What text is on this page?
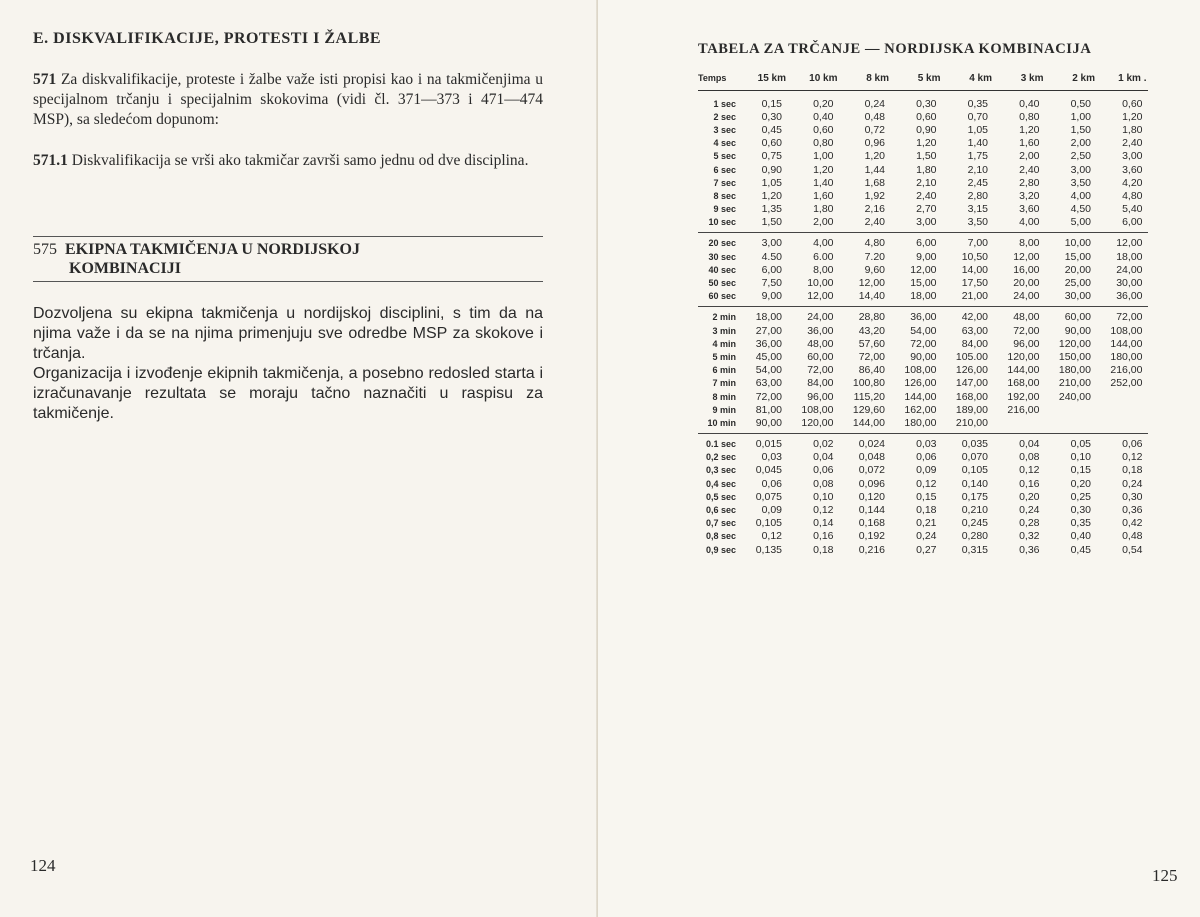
E. DISKVALIFIKACIJE, PROTESTI I ŽALBE
571 Za diskvalifikacije, proteste i žalbe važe isti propisi kao i na takmičenjima u specijalnom trčanju i specijalnim skokovima (vidi čl. 371—373 i 471—474 MSP), sa sledećom dopunom:
571.1 Diskvalifikacija se vrši ako takmičar završi samo jednu od dve disciplina.
575 EKIPNA TAKMIČENJA U NORDIJSKOJ
KOMBINACIJI
Dozvoljena su ekipna takmičenja u nordijskoj disciplini, s tim da na njima važe i da se na njima primenjuju sve odredbe MSP za skokove i trčanja.
Organizacija i izvođenje ekipnih takmičenja, a posebno redosled starta i izračunavanje rezultata se moraju tačno naznačiti u raspisu za takmičenje.
124
TABELA ZA TRČANJE — NORDIJSKA KOMBINACIJA
Temps	15 km	10 km	8 km	5 km	4 km	3 km	2 km	1 km .
1 sec	0,15	0,20	0,24	0,30	0,35	0,40	0,50	0,60
2 sec	0,30	0,40	0,48	0,60	0,70	0,80	1,00	1,20
3 sec	0,45	0,60	0,72	0,90	1,05	1,20	1,50	1,80
4 sec	0,60	0,80	0,96	1,20	1,40	1,60	2,00	2,40
5 sec	0,75	1,00	1,20	1,50	1,75	2,00	2,50	3,00
6 sec	0,90	1,20	1,44	1,80	2,10	2,40	3,00	3,60
7 sec	1,05	1,40	1,68	2,10	2,45	2,80	3,50	4,20
8 sec	1,20	1,60	1,92	2,40	2,80	3,20	4,00	4,80
9 sec	1,35	1,80	2,16	2,70	3,15	3,60	4,50	5,40
10 sec	1,50	2,00	2,40	3,00	3,50	4,00	5,00	6,00
20 sec	3,00	4,00	4,80	6,00	7,00	8,00	10,00	12,00
30 sec	4.50	6.00	7.20	9,00	10,50	12,00	15,00	18,00
40 sec	6,00	8,00	9,60	12,00	14,00	16,00	20,00	24,00
50 sec	7,50	10,00	12,00	15,00	17,50	20,00	25,00	30,00
60 sec	9,00	12,00	14,40	18,00	21,00	24,00	30,00	36,00
2 min	18,00	24,00	28,80	36,00	42,00	48,00	60,00	72,00
3 min	27,00	36,00	43,20	54,00	63,00	72,00	90,00	108,00
4 min	36,00	48,00	57,60	72,00	84,00	96,00	120,00	144,00
5 min	45,00	60,00	72,00	90,00	105.00	120,00	150,00	180,00
6 min	54,00	72,00	86,40	108,00	126,00	144,00	180,00	216,00
7 min	63,00	84,00	100,80	126,00	147,00	168,00	210,00	252,00
8 min	72,00	96,00	115,20	144,00	168,00	192,00	240,00
9 min	81,00	108,00	129,60	162,00	189,00	216,00
10 min	90,00	120,00	144,00	180,00	210,00
0.1 sec	0,015	0,02	0,024	0,03	0,035	0,04	0,05	0,06
0,2 sec	0,03	0,04	0,048	0,06	0,070	0,08	0,10	0,12
0,3 sec	0,045	0,06	0,072	0,09	0,105	0,12	0,15	0,18
0,4 sec	0,06	0,08	0,096	0,12	0,140	0,16	0,20	0,24
0,5 sec	0,075	0,10	0,120	0,15	0,175	0,20	0,25	0,30
0,6 sec	0,09	0,12	0,144	0,18	0,210	0,24	0,30	0,36
0,7 sec	0,105	0,14	0,168	0,21	0,245	0,28	0,35	0,42
0,8 sec	0,12	0,16	0,192	0,24	0,280	0,32	0,40	0,48
0,9 sec	0,135	0,18	0,216	0,27	0,315	0,36	0,45	0,54
125
